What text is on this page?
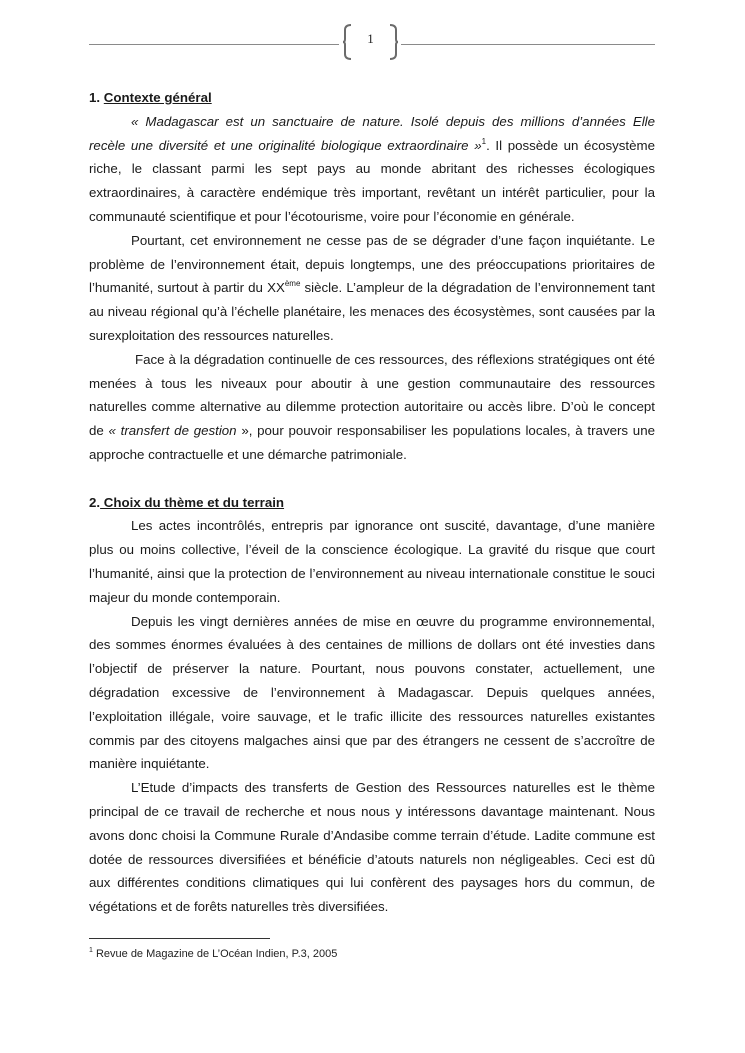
1
1. Contexte général

« Madagascar est un sanctuaire de nature. Isolé depuis des millions d’années Elle recèle une diversité et une originalité biologique extraordinaire »$^1$. Il possède un écosystème riche, le classant parmi les sept pays au monde abritant des richesses écologiques extraordinaires, à caractère endémique très important, revêtant un intérêt particulier, pour la communauté scientifique et pour l’écotourisme, voire pour l’économie en générale.

Pourtant, cet environnement ne cesse pas de se dégrader d’une façon inquiétante. Le problème de l’environnement était, depuis longtemps, une des préoccupations prioritaires de l’humanité, surtout à partir du XXème siècle. L’ampleur de la dégradation de l’environnement tant au niveau régional qu’à l’échelle planétaire, les menaces des écosystèmes, sont causées par la surexploitation des ressources naturelles.

Face à la dégradation continuelle de ces ressources, des réflexions stratégiques ont été menées à tous les niveaux pour aboutir à une gestion communautaire des ressources naturelles comme alternative au dilemme protection autoritaire ou accès libre. D’où le concept de « transfert de gestion », pour pouvoir responsabiliser les populations locales, à travers une approche contractuelle et une démarche patrimoniale.

2. Choix du thème et du terrain

Les actes incontrôlés, entrepris par ignorance ont suscité, davantage, d’une manière plus ou moins collective, l’éveil de la conscience écologique. La gravité du risque que court l’humanité, ainsi que la protection de l’environnement au niveau internationale constitue le souci majeur du monde contemporain.

Depuis les vingt dernières années de mise en œuvre du programme environnemental, des sommes énormes évaluées à des centaines de millions de dollars ont été investies dans l’objectif de préserver la nature. Pourtant, nous pouvons constater, actuellement, une dégradation excessive de l’environnement à Madagascar. Depuis quelques années, l’exploitation illégale, voire sauvage, et le trafic illicite des ressources naturelles existantes commis par des citoyens malgaches ainsi que par des étrangers ne cessent de s’accroître de manière inquiétante.

L’Etude d’impacts des transferts de Gestion des Ressources naturelles est le thème principal de ce travail de recherche et nous nous y intéressons davantage maintenant. Nous avons donc choisi la Commune Rurale d’Andasibe comme terrain d’étude. Ladite commune est dotée de ressources diversifiées et bénéficie d’atouts naturels non négligeables. Ceci est dû aux différentes conditions climatiques qui lui confèrent des paysages hors du commun, de végétations et de forêts naturelles très diversifiées.

$^1$ Revue de Magazine de L’Océan Indien, P.3, 2005
